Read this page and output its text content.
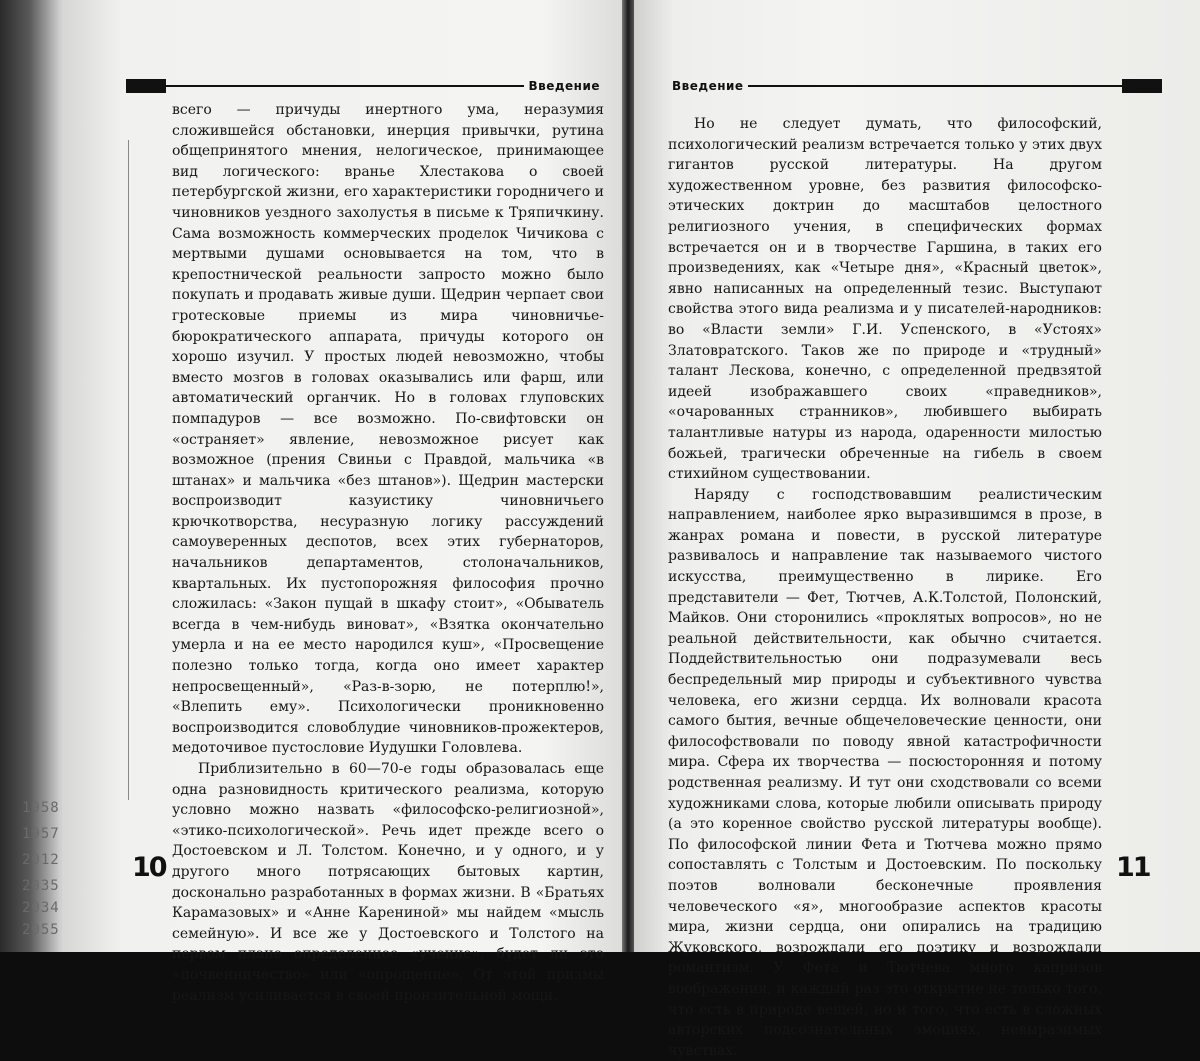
1958
1957
2012
2035
2034
2055
Введение

всего — причуды инертного ума, неразумия сложившейся обстановки, инерция привычки, рутина общепринятого мнения, нелогическое, принимающее вид логического: вранье Хлестакова о своей петербургской жизни, его характеристики городничего и чиновников уездного захолустья в письме к Тряпичкину. Сама возможность коммерческих проделок Чичикова с мертвыми душами основывается на том, что в крепостнической реальности запросто можно было покупать и продавать живые души. Щедрин черпает свои гротесковые приемы из мира чиновничье-бюрократического аппарата, причуды которого он хорошо изучил. У простых людей невозможно, чтобы вместо мозгов в головах оказывались или фарш, или автоматический органчик. Но в головах глуповских помпадуров — все возможно. По-свифтовски он «остраняет» явление, невозможное рисует как возможное (прения Свиньи с Правдой, мальчика «в штанах» и мальчика «без штанов»). Щедрин мастерски воспроизводит казуистику чиновничьего крючкотворства, несуразную логику рассуждений самоуверенных деспотов, всех этих губернаторов, начальников департаментов, столоначальников, квартальных. Их пустопорожняя философия прочно сложилась: «Закон пущай в шкафу стоит», «Обыватель всегда в чем-нибудь виноват», «Взятка окончательно умерла и на ее место народился куш», «Просвещение полезно только тогда, когда оно имеет характер непросвещенный», «Раз-в-зорю, не потерплю!», «Влепить ему». Психологически проникновенно воспроизводится словоблудие чиновников-прожектеров, медоточивое пустословие Иудушки Головлева.

Приблизительно в 60—70-е годы образовалась еще одна разновидность критического реализма, которую условно можно назвать «философско-религиозной», «этико-психологической». Речь идет прежде всего о Достоевском и Л. Толстом. Конечно, и у одного, и у другого много потрясающих бытовых картин, досконально разработанных в формах жизни. В «Братьях Карамазовых» и «Анне Карениной» мы найдем «мысль семейную». И все же у Достоевского и Толстого на первом плане определенное «учение», будет ли это «почвенничество» или «опрощение». От этой призмы реализм усиливается в своей пронзительной мощи.

10
Введение

Но не следует думать, что философский, психологический реализм встречается только у этих двух гигантов русской литературы. На другом художественном уровне, без развития философско-этических доктрин до масштабов целостного религиозного учения, в специфических формах встречается он и в творчестве Гаршина, в таких его произведениях, как «Четыре дня», «Красный цветок», явно написанных на определенный тезис. Выступают свойства этого вида реализма и у писателей-народников: во «Власти земли» Г.И. Успенского, в «Устоях» Златовратского. Таков же по природе и «трудный» талант Лескова, конечно, с определенной предвзятой идеей изображавшего своих «праведников», «очарованных странников», любившего выбирать талантливые натуры из народа, одаренности милостью божьей, трагически обреченные на гибель в своем стихийном существовании.

Наряду с господствовавшим реалистическим направлением, наиболее ярко выразившимся в прозе, в жанрах романа и повести, в русской литературе развивалось и направление так называемого чистого искусства, преимущественно в лирике. Его представители — Фет, Тютчев, А.К.Толстой, Полонский, Майков. Они сторонились «проклятых вопросов», но не реальной действительности, как обычно считается. Поддействительностью они подразумевали весь беспредельный мир природы и субъективного чувства человека, его жизни сердца. Их волновали красота самого бытия, вечные общечеловеческие ценности, они философствовали по поводу явной катастрофичности мира. Сфера их творчества — посюсторонняя и потому родственная реализму. И тут они сходствовали со всеми художниками слова, которые любили описывать природу (а это коренное свойство русской литературы вообще). По философской линии Фета и Тютчева можно прямо сопоставлять с Толстым и Достоевским. По поскольку поэтов волновали бесконечные проявления человеческого «я», многообразие аспектов красоты мира, жизни сердца, они опирались на традицию Жуковского, возрождали его поэтику и возрождали романтизм. У Фета и Тютчева много капризов воображения, и каждый раз это открытие не только того, что есть в природе вещей, но и того, что есть в сложных авторских подсознательных эмоциях, невыразимых чувствах.

11
